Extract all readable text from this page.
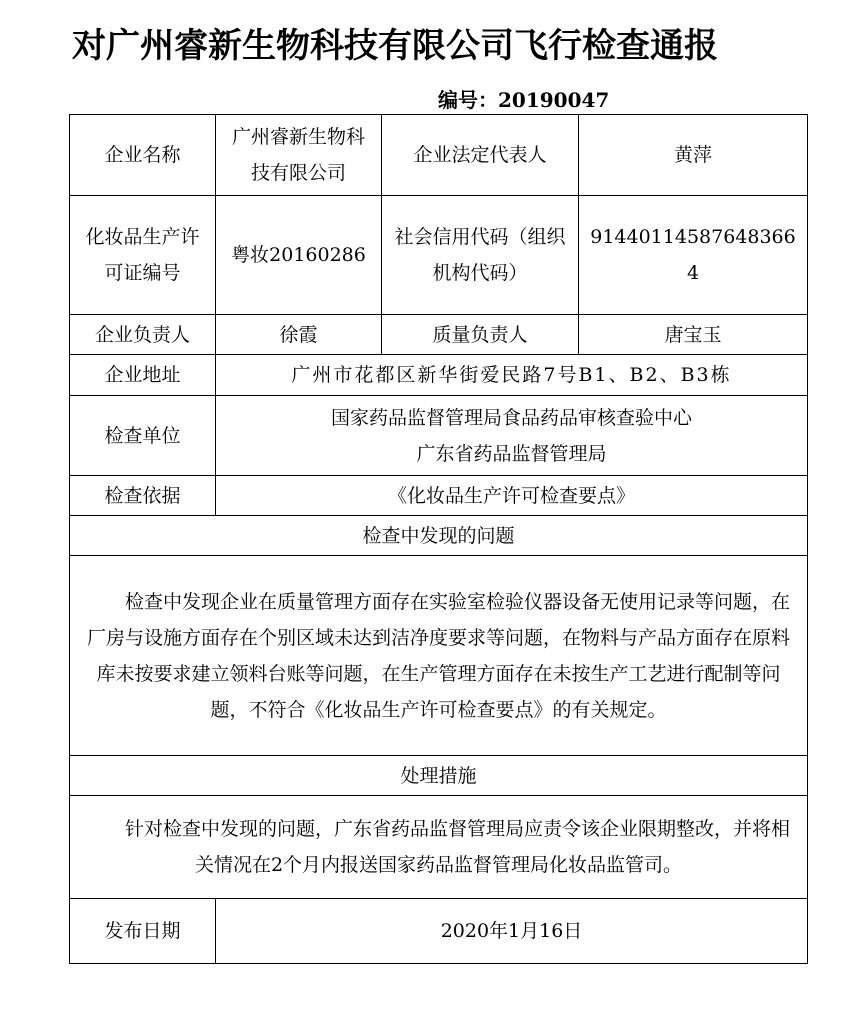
对广州睿新生物科技有限公司飞行检查通报
编号：20190047
企业名称	广州睿新生物科技有限公司	企业法定代表人	黄萍
化妆品生产许可证编号	粤妆20160286	社会信用代码（组织机构代码）	91440114587648366 4
企业负责人	徐霞	质量负责人	唐宝玉
企业地址	广州市花都区新华街爱民路7号B1、B2、B3栋		
检查单位	国家药品监督管理局食品药品审核查验中心
广东省药品监督管理局		

检查依据	《化妆品生产许可检查要点》		
检查中发现的问题			
检查中发现企业在质量管理方面存在实验室检验仪器设备无使用记录等问题，在厂房与设施方面存在个别区域未达到洁净度要求等问题，在物料与产品方面存在原料库未按要求建立领料台账等问题，在生产管理方面存在未按生产工艺进行配制等问题，不符合《化妆品生产许可检查要点》的有关规定。			
处理措施			
针对检查中发现的问题，广东省药品监督管理局应责令该企业限期整改，并将相关情况在2个月内报送国家药品监督管理局化妆品监管司。			
发布日期	2020年1月16日		
